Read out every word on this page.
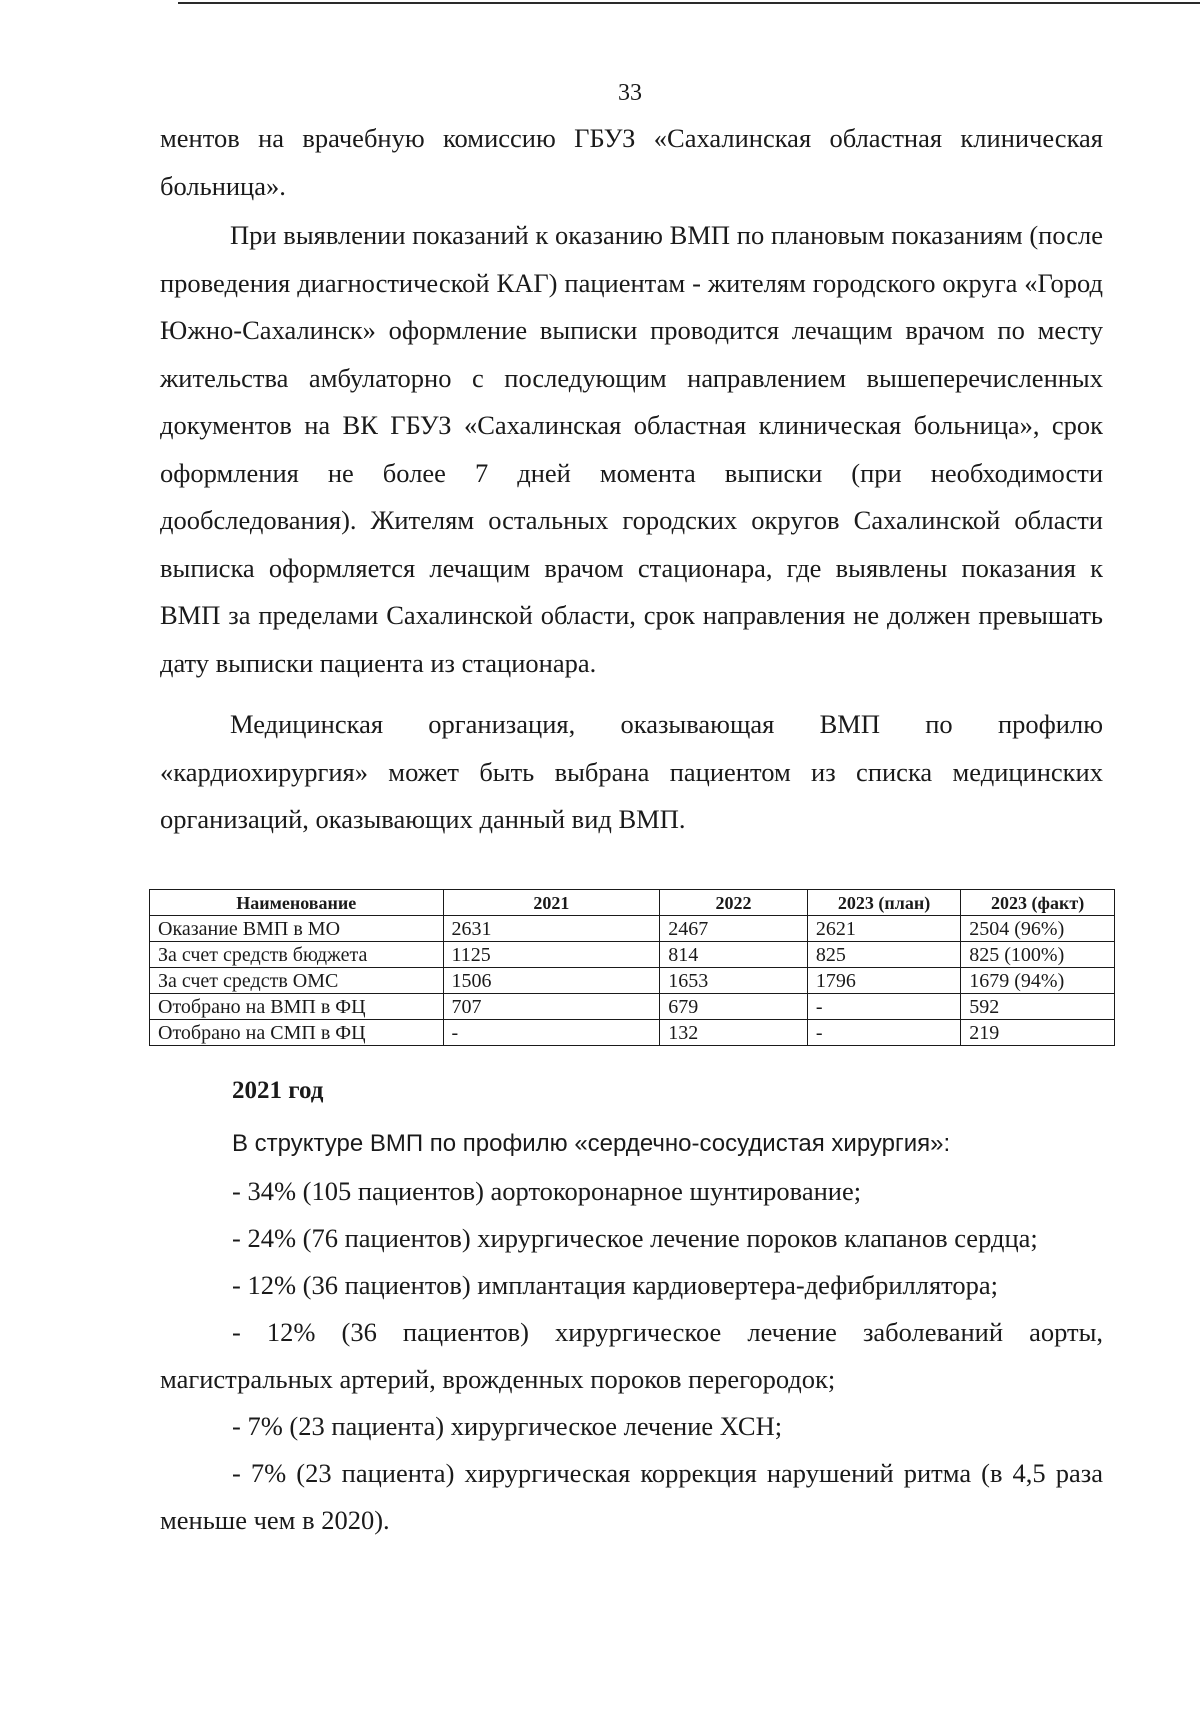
33

ментов на врачебную комиссию ГБУЗ «Сахалинская областная клиническая больница».

При выявлении показаний к оказанию ВМП по плановым показаниям (после проведения диагностической КАГ) пациентам - жителям городского округа «Город Южно-Сахалинск» оформление выписки проводится лечащим врачом по месту жительства амбулаторно с последующим направлением вышеперечисленных документов на ВК ГБУЗ «Сахалинская областная клиническая больница», срок оформления не более 7 дней момента выписки (при необходимости дообследования). Жителям остальных городских округов Сахалинской области выписка оформляется лечащим врачом стационара, где выявлены показания к ВМП за пределами Сахалинской области, срок направления не должен превышать дату выписки пациента из стационара.

Медицинская организация, оказывающая ВМП по профилю «кардиохирургия» может быть выбрана пациентом из списка медицинских организаций, оказывающих данный вид ВМП.

Наименование	2021	2022	2023 (план)	2023 (факт)
Оказание ВМП в МО	2631	2467	2621	2504 (96%)
За счет средств бюджета	1125	814	825	825 (100%)
За счет средств ОМС	1506	1653	1796	1679 (94%)
Отобрано на ВМП в ФЦ	707	679	-	592
Отобрано на СМП в ФЦ	-	132	-	219
2021 год

В структуре ВМП по профилю «сердечно-сосудистая хирургия»:

- 34% (105 пациентов) аортокоронарное шунтирование;

- 24% (76 пациентов) хирургическое лечение пороков клапанов сердца;

- 12% (36 пациентов) имплантация кардиовертера-дефибриллятора;

- 12% (36 пациентов) хирургическое лечение заболеваний аорты, магистральных артерий, врожденных пороков перегородок;

- 7% (23 пациента) хирургическое лечение ХСН;

- 7% (23 пациента) хирургическая коррекция нарушений ритма (в 4,5 раза меньше чем в 2020).
